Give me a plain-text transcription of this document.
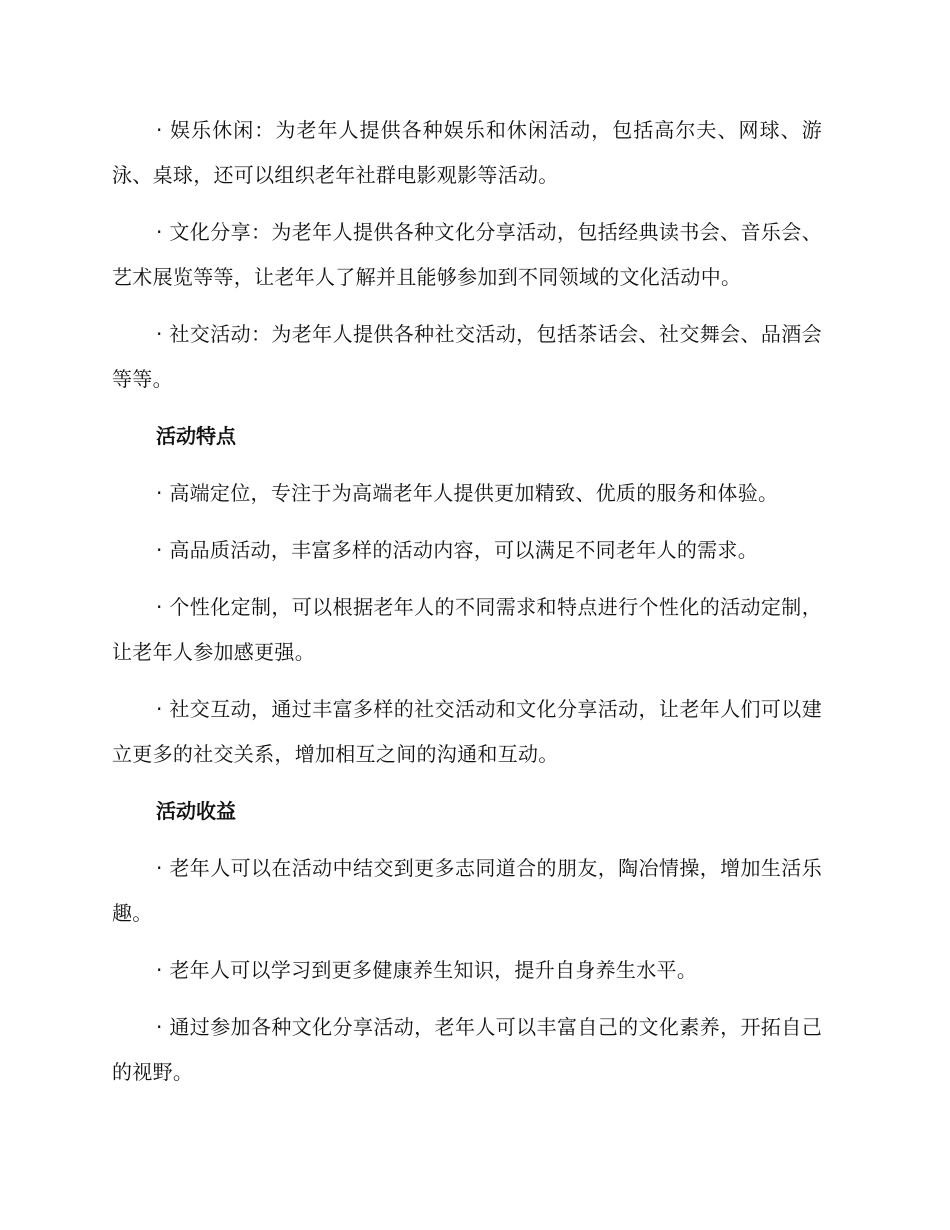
· 娱乐休闲：为老年人提供各种娱乐和休闲活动，包括高尔夫、网球、游泳、桌球，还可以组织老年社群电影观影等活动。

· 文化分享：为老年人提供各种文化分享活动，包括经典读书会、音乐会、艺术展览等等，让老年人了解并且能够参加到不同领域的文化活动中。

· 社交活动：为老年人提供各种社交活动，包括茶话会、社交舞会、品酒会等等。

活动特点

· 高端定位，专注于为高端老年人提供更加精致、优质的服务和体验。

· 高品质活动，丰富多样的活动内容，可以满足不同老年人的需求。

· 个性化定制，可以根据老年人的不同需求和特点进行个性化的活动定制，让老年人参加感更强。

· 社交互动，通过丰富多样的社交活动和文化分享活动，让老年人们可以建立更多的社交关系，增加相互之间的沟通和互动。

活动收益

· 老年人可以在活动中结交到更多志同道合的朋友，陶冶情操，增加生活乐趣。

· 老年人可以学习到更多健康养生知识，提升自身养生水平。

· 通过参加各种文化分享活动，老年人可以丰富自己的文化素养，开拓自己的视野。
